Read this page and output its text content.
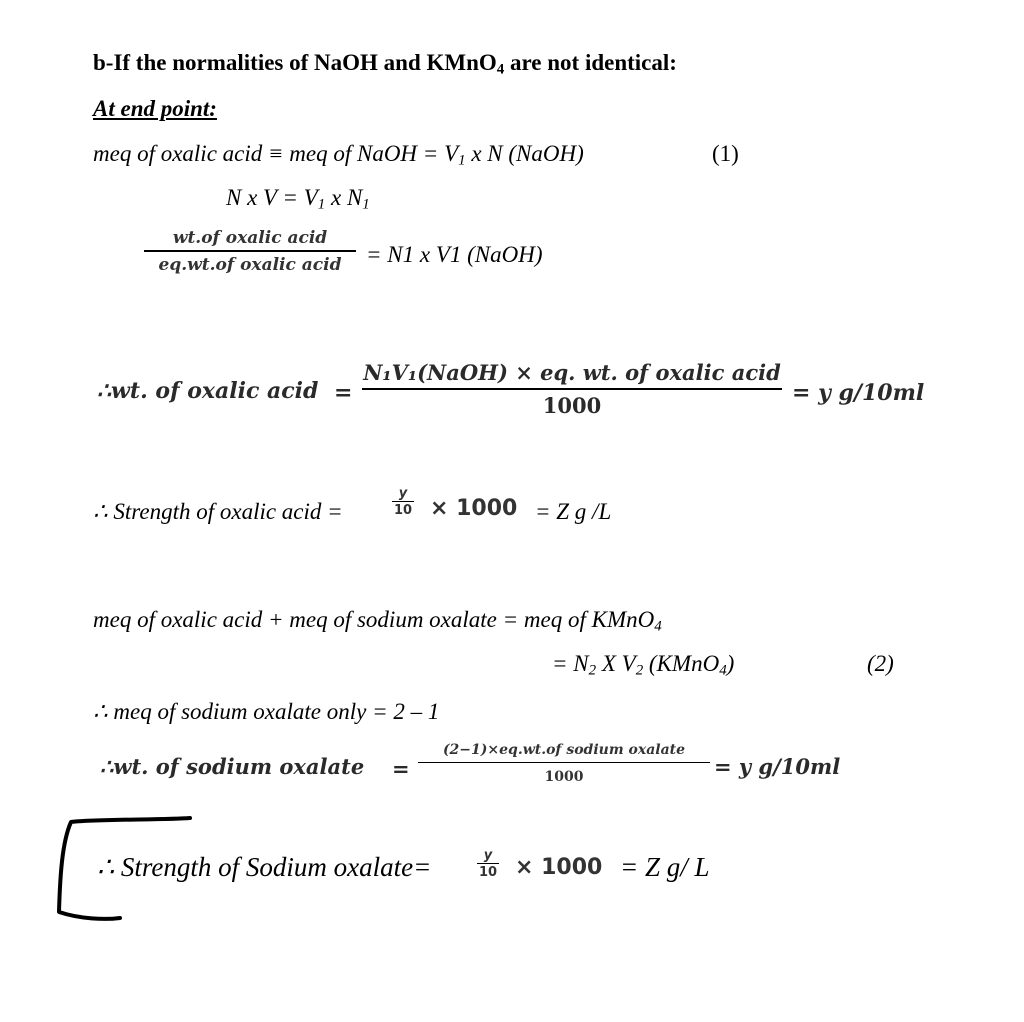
b-If the normalities of NaOH and KMnO$_4$ are not identical:
At end point:
meq of oxalic acid ≡ meq of NaOH = $V_1$ x N (NaOH)	(1)
N x $V = V_1$ x $N_1$
wt.of oxalic acid
eq.wt.of oxalic acid	= N1 x V1 (NaOH)
∴wt. of oxalic acid =
N₁V₁(NaOH) × eq. wt. of oxalic acid
1000	= y g/10ml
∴ Strength of oxalic acid =	$\frac{y}{10} \times 1000 = Z$ g /L
meq of oxalic acid + meq of sodium oxalate = meq of KMnO$_4$
= $N_2$ X $V_2$ (KMnO$_4$)	(2)
∴ meq of sodium oxalate only = 2 – 1
∴wt. of sodium oxalate =
(2−1)×eq.wt.of sodium oxalate
1000	= y g/10ml
∴ Strength of Sodium oxalate=	$\frac{y}{10} \times 1000 = Z$ g/ L
